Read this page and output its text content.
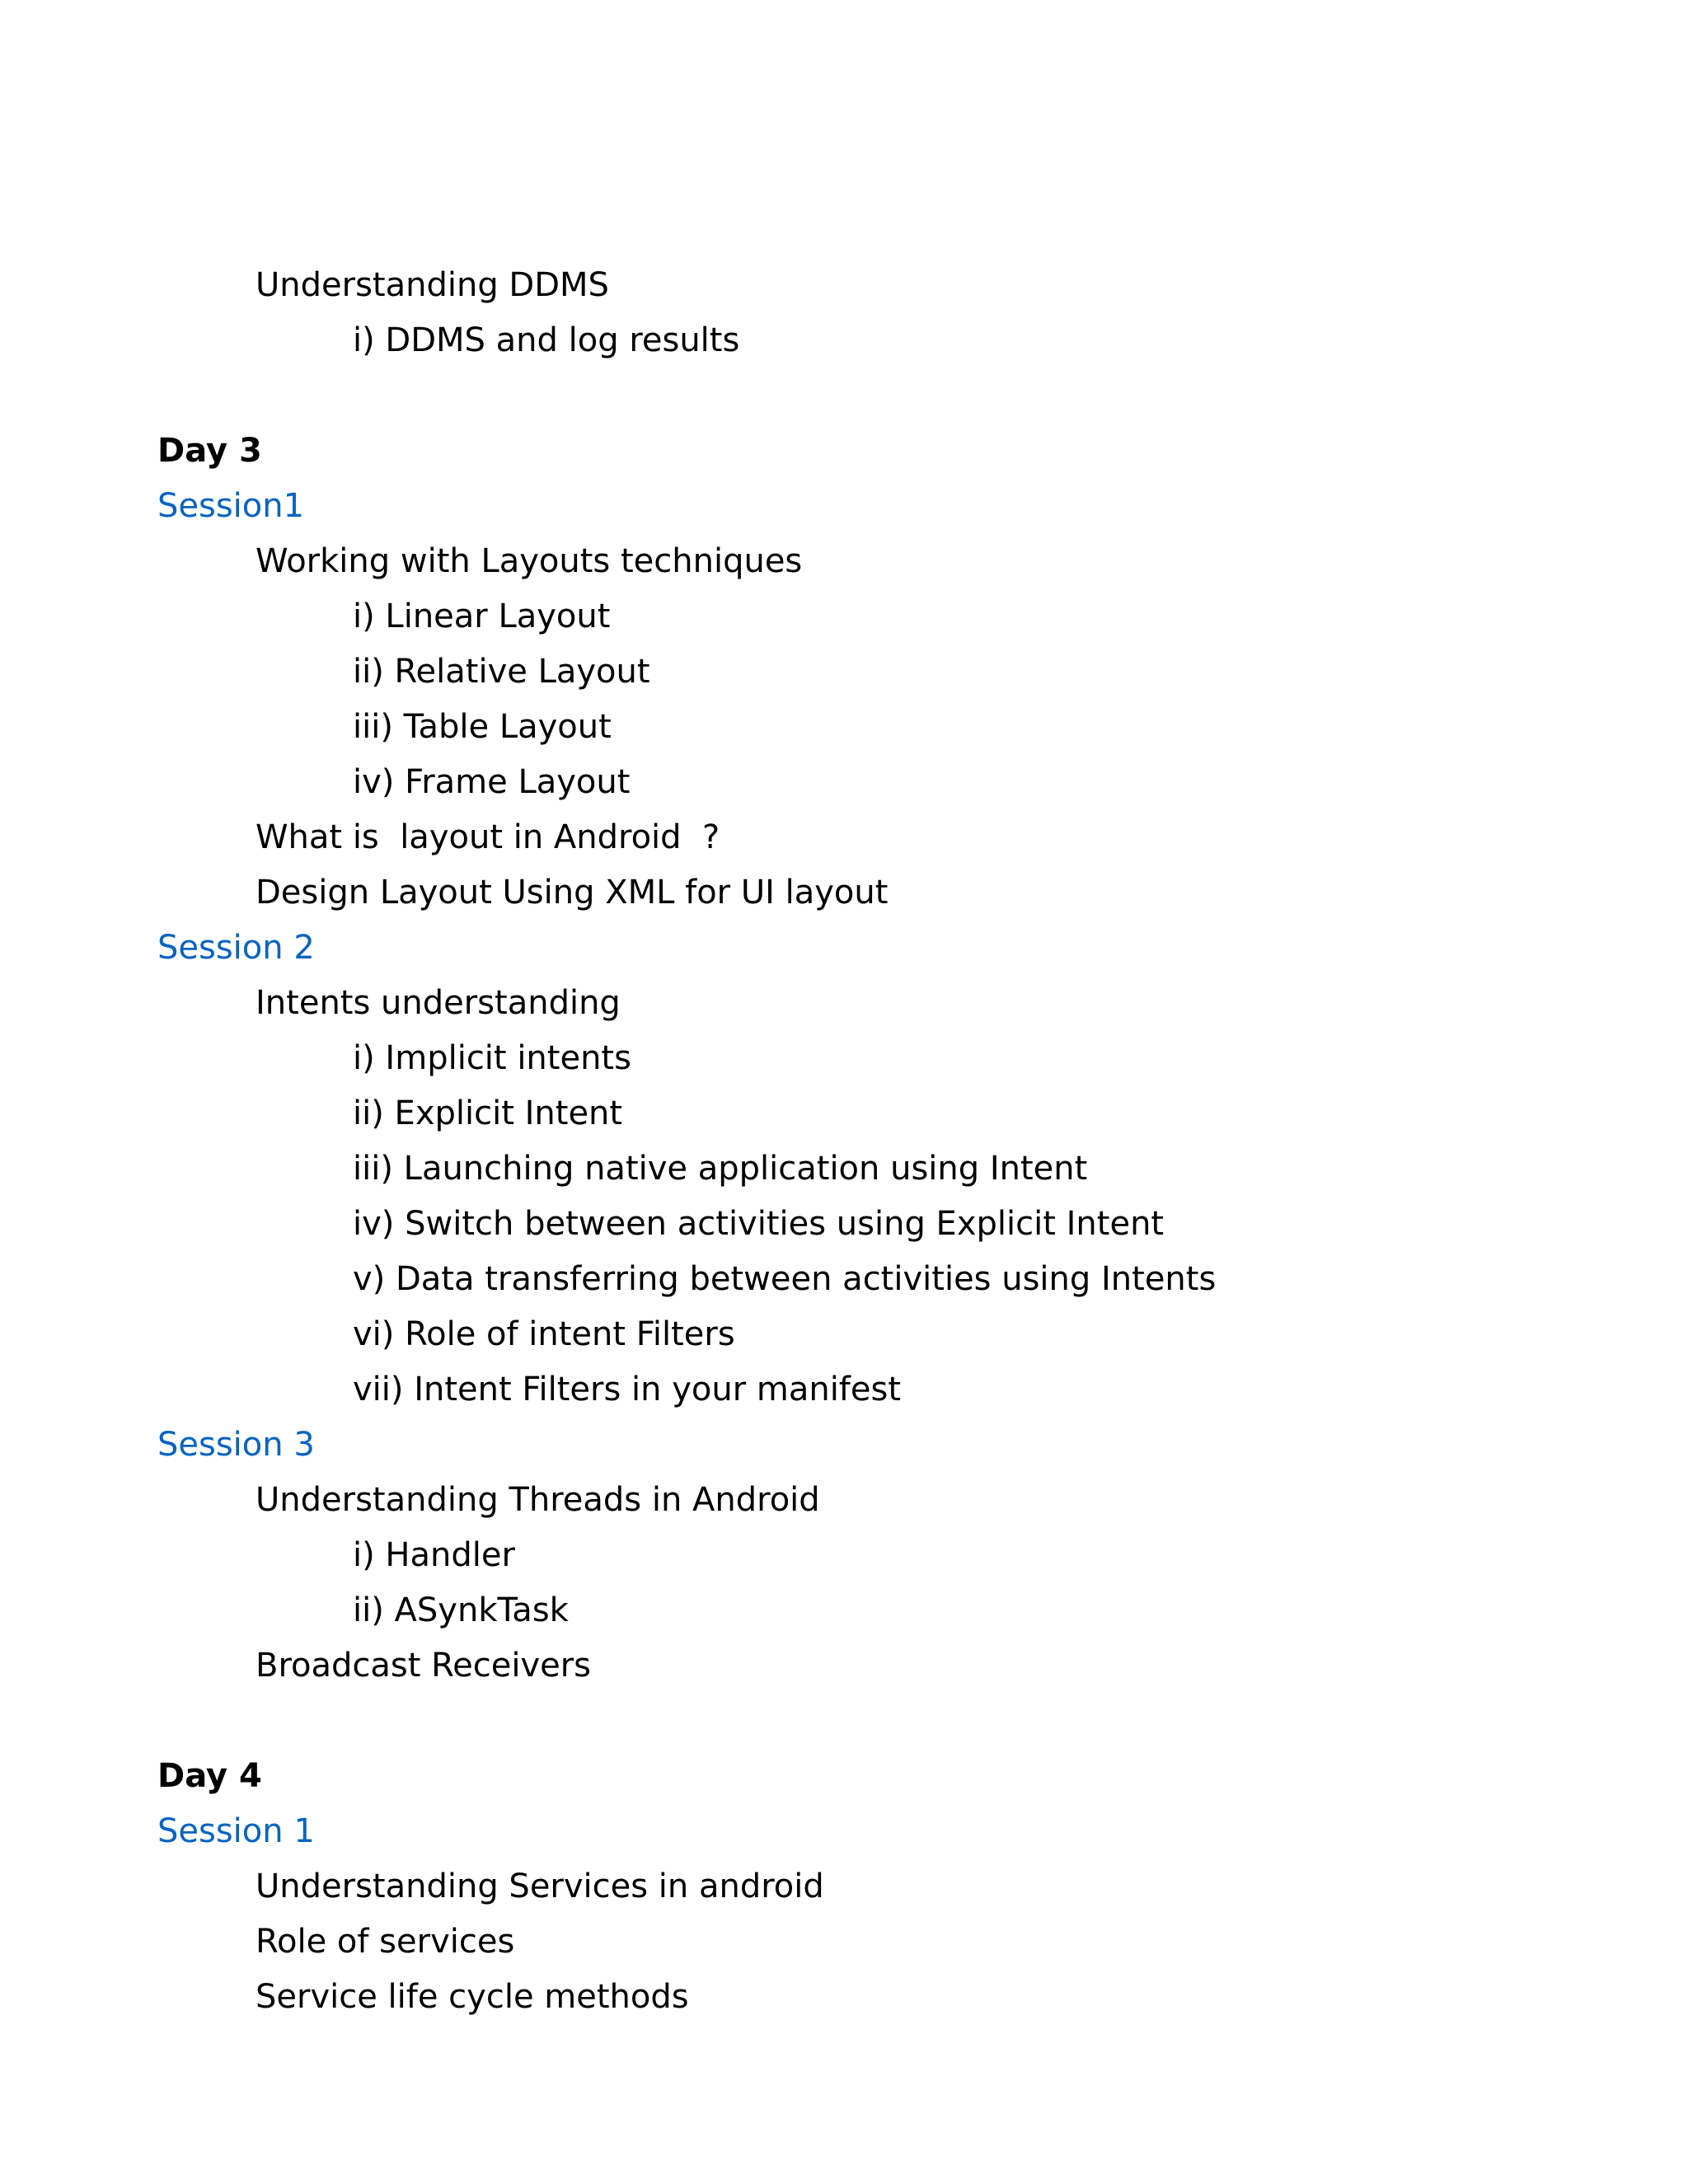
Understanding DDMS
i) DDMS and log results
Day 3
Session1
Working with Layouts techniques
i) Linear Layout
ii) Relative Layout
iii) Table Layout
iv) Frame Layout
What is  layout in Android  ?
Design Layout Using XML for UI layout
Session 2
Intents understanding
i) Implicit intents
ii) Explicit Intent
iii) Launching native application using Intent
iv) Switch between activities using Explicit Intent
v) Data transferring between activities using Intents
vi) Role of intent Filters
vii) Intent Filters in your manifest
Session 3
Understanding Threads in Android
i) Handler
ii) ASynkTask
Broadcast Receivers
Day 4
Session 1
Understanding Services in android
Role of services
Service life cycle methods
